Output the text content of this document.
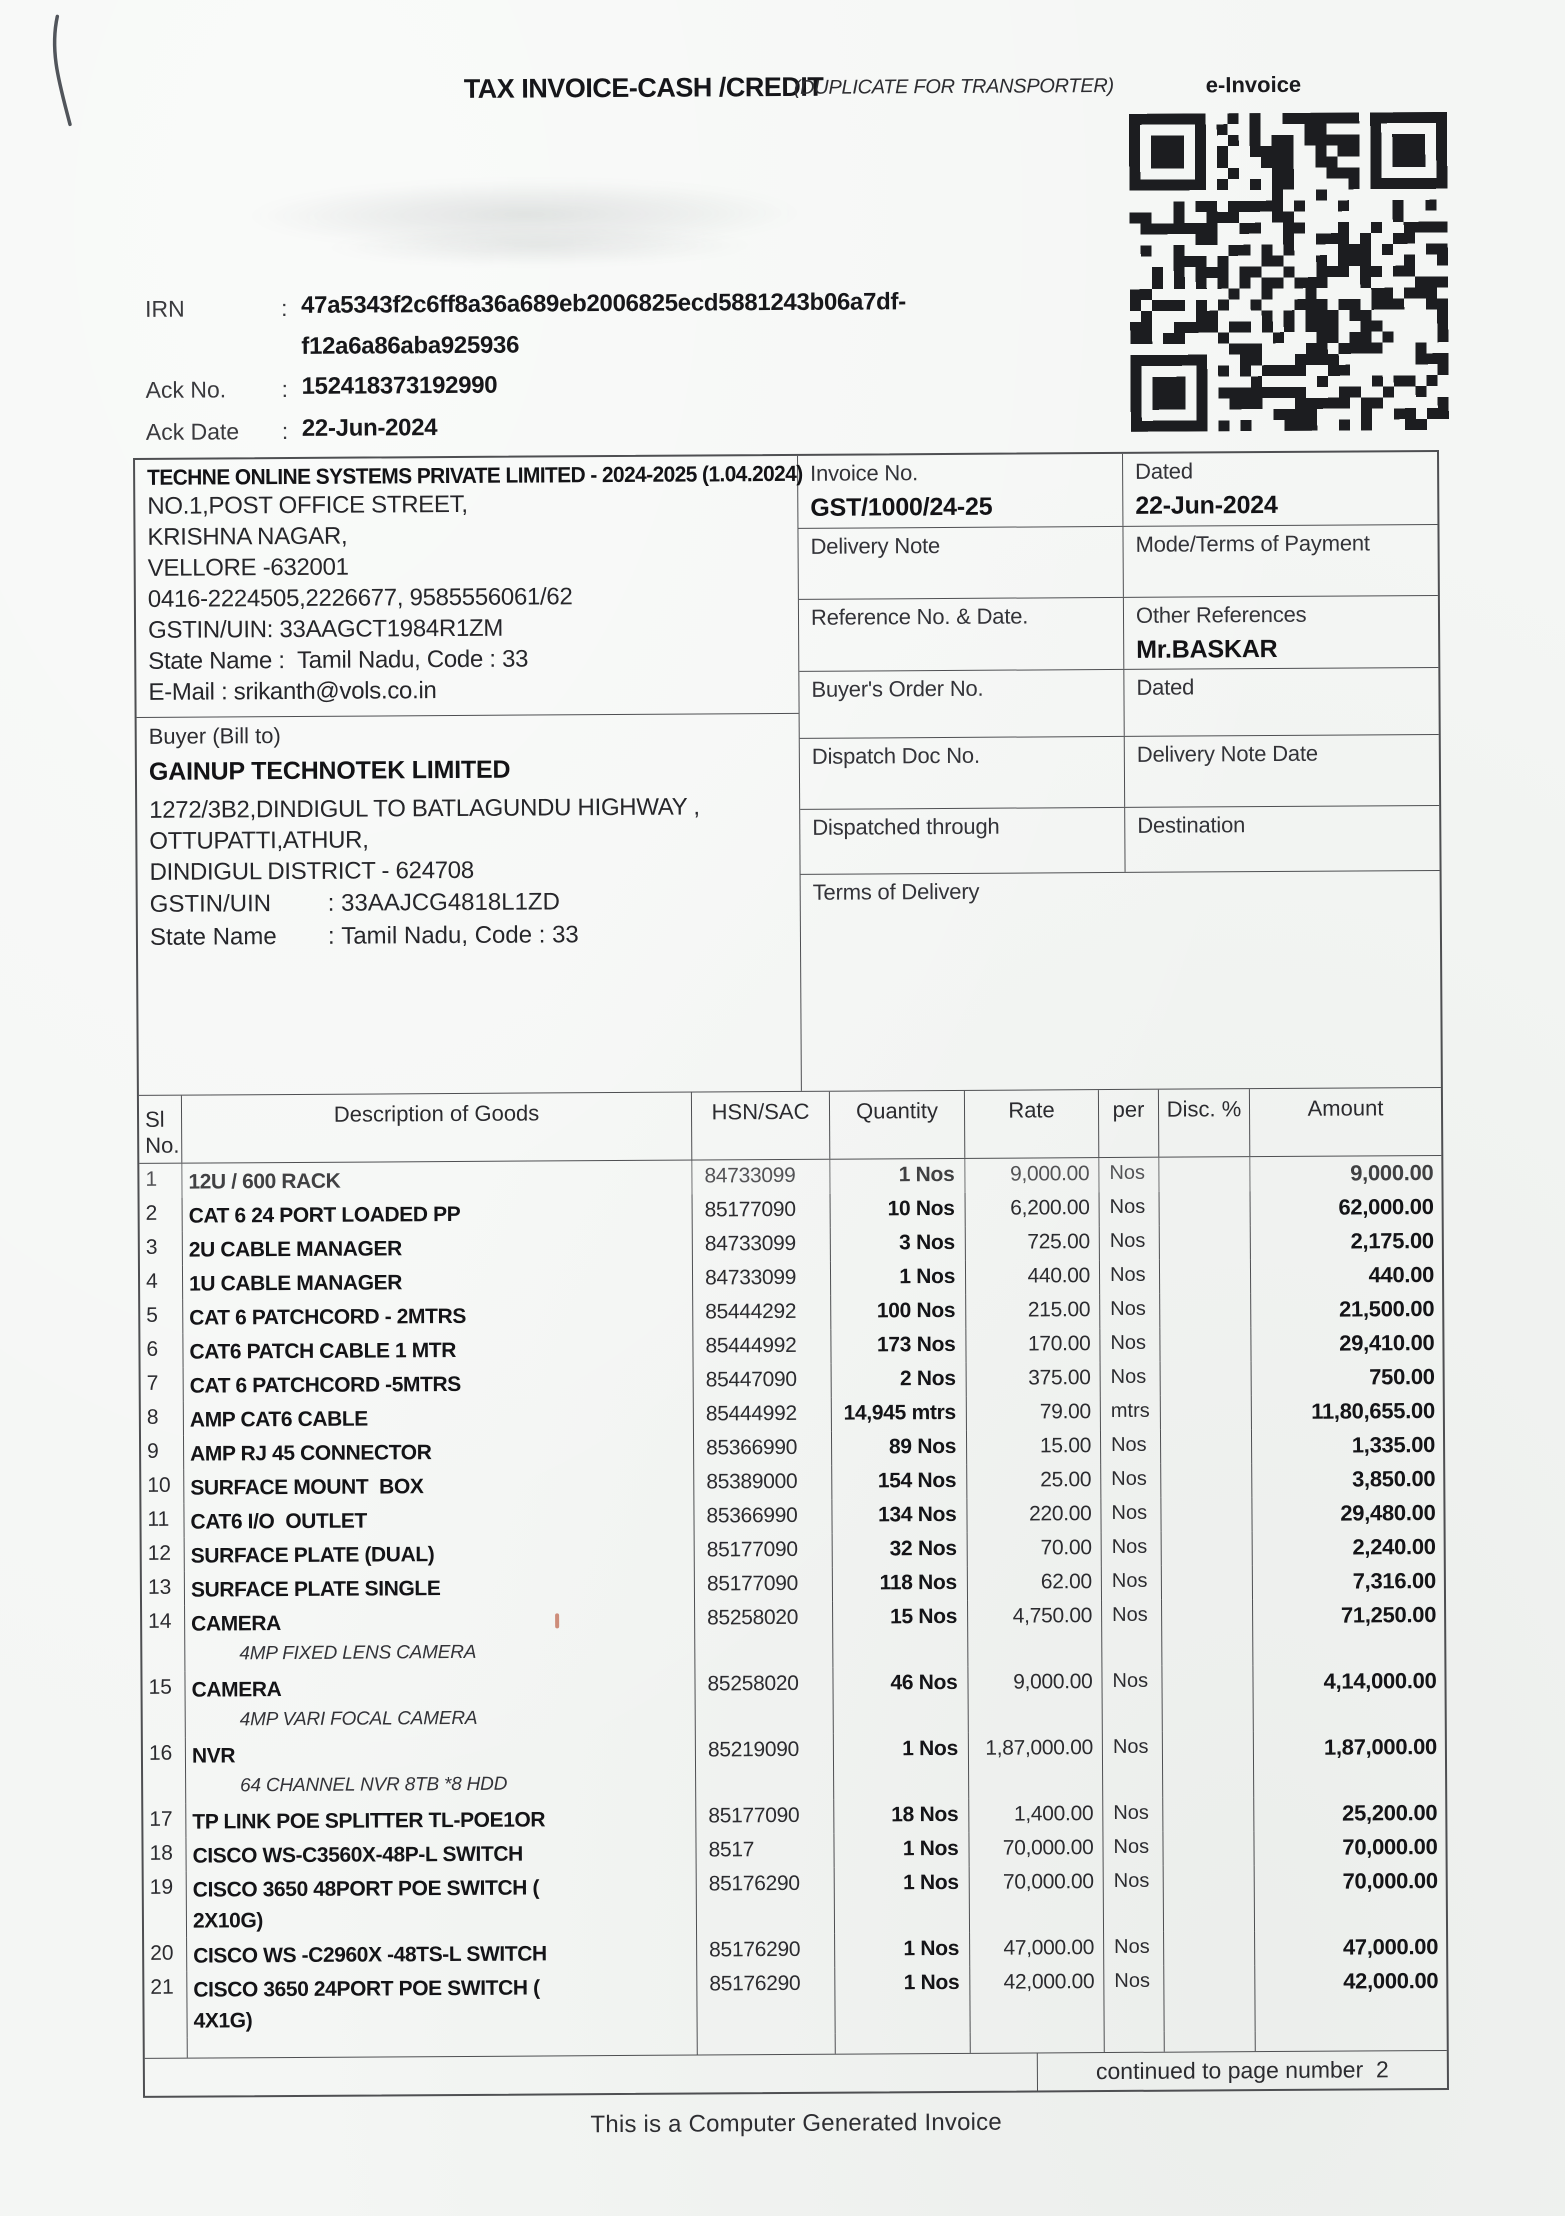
TAX INVOICE-CASH /CREDIT
(DUPLICATE FOR TRANSPORTER)	e-Invoice
IRN	: 47a5343f2c6ff8a36a689eb2006825ecd5881243b06a7df-
f12a6a86aba925936
Ack No. : 152418373192990
Ack Date : 22-Jun-2024
TECHNE ONLINE SYSTEMS PRIVATE LIMITED - 2024-2025 (1.04.2024)
NO.1,POST OFFICE STREET,
KRISHNA NAGAR,
VELLORE -632001
0416-2224505,2226677, 9585556061/62
GSTIN/UIN: 33AAGCT1984R1ZM
State Name :  Tamil Nadu, Code : 33
E-Mail : srikanth@vols.co.in
Buyer (Bill to)
GAINUP TECHNOTEK LIMITED
1272/3B2,DINDIGUL TO BATLAGUNDU HIGHWAY ,
OTTUPATTI,ATHUR,
DINDIGUL DISTRICT - 624708
GSTIN/UIN	:
33AAJCG4818L1ZD
State Name	:
Tamil Nadu, Code : 33
Invoice No.
GST/1000/24-25
Dated
22-Jun-2024
Delivery Note	Mode/Terms of Payment
Reference No. & Date.	Other References
Mr.BASKAR
Buyer's Order No.	Dated
Dispatch Doc No.	Delivery Note Date
Dispatched through	Destination
Terms of Delivery
Sl
No.
Description of Goods	HSN/SAC	Quantity	Rate	per	Disc. %	Amount
1	12U / 600 RACK	84733099	1 Nos	9,000.00 Nos	9,000.00
2	CAT 6 24 PORT LOADED PP	85177090	10 Nos	6,200.00 Nos	62,000.00
3	2U CABLE MANAGER	84733099	3 Nos	725.00 Nos	2,175.00
4	1U CABLE MANAGER	84733099	1 Nos	440.00 Nos	440.00
5	CAT 6 PATCHCORD - 2MTRS	85444292	100 Nos	215.00 Nos	21,500.00
6	CAT6 PATCH CABLE 1 MTR	85444992	173 Nos	170.00 Nos	29,410.00
7	CAT 6 PATCHCORD -5MTRS	85447090	2 Nos	375.00 Nos	750.00
8	AMP CAT6 CABLE	85444992	14,945 mtrs	79.00 mtrs	11,80,655.00
9	AMP RJ 45 CONNECTOR	85366990	89 Nos	15.00 Nos	1,335.00
10 SURFACE MOUNT  BOX	85389000	154 Nos	25.00 Nos	3,850.00
11	CAT6 I/O  OUTLET	85366990	134 Nos	220.00 Nos	29,480.00
12 SURFACE PLATE (DUAL)	85177090	32 Nos	70.00 Nos	2,240.00
13 SURFACE PLATE SINGLE	85177090	118 Nos	62.00 Nos	7,316.00
14 CAMERA
4MP FIXED LENS CAMERA
85258020	15 Nos	4,750.00 Nos	71,250.00
15 CAMERA
4MP VARI FOCAL CAMERA
85258020	46 Nos	9,000.00 Nos	4,14,000.00
16 NVR
64 CHANNEL NVR 8TB *8 HDD
85219090	1 Nos	1,87,000.00 Nos	1,87,000.00
17 TP LINK POE SPLITTER TL-POE1OR	85177090	18 Nos	1,400.00 Nos	25,200.00
18 CISCO WS-C3560X-48P-L SWITCH	8517	1 Nos	70,000.00 Nos	70,000.00
19 CISCO 3650 48PORT POE SWITCH (
2X10G)
85176290	1 Nos	70,000.00 Nos	70,000.00
20 CISCO WS -C2960X -48TS-L SWITCH	85176290	1 Nos	47,000.00 Nos	47,000.00
21 CISCO 3650 24PORT POE SWITCH (
4X1G)
85176290	1 Nos	42,000.00 Nos	42,000.00
continued to page number  2
This is a Computer Generated Invoice
